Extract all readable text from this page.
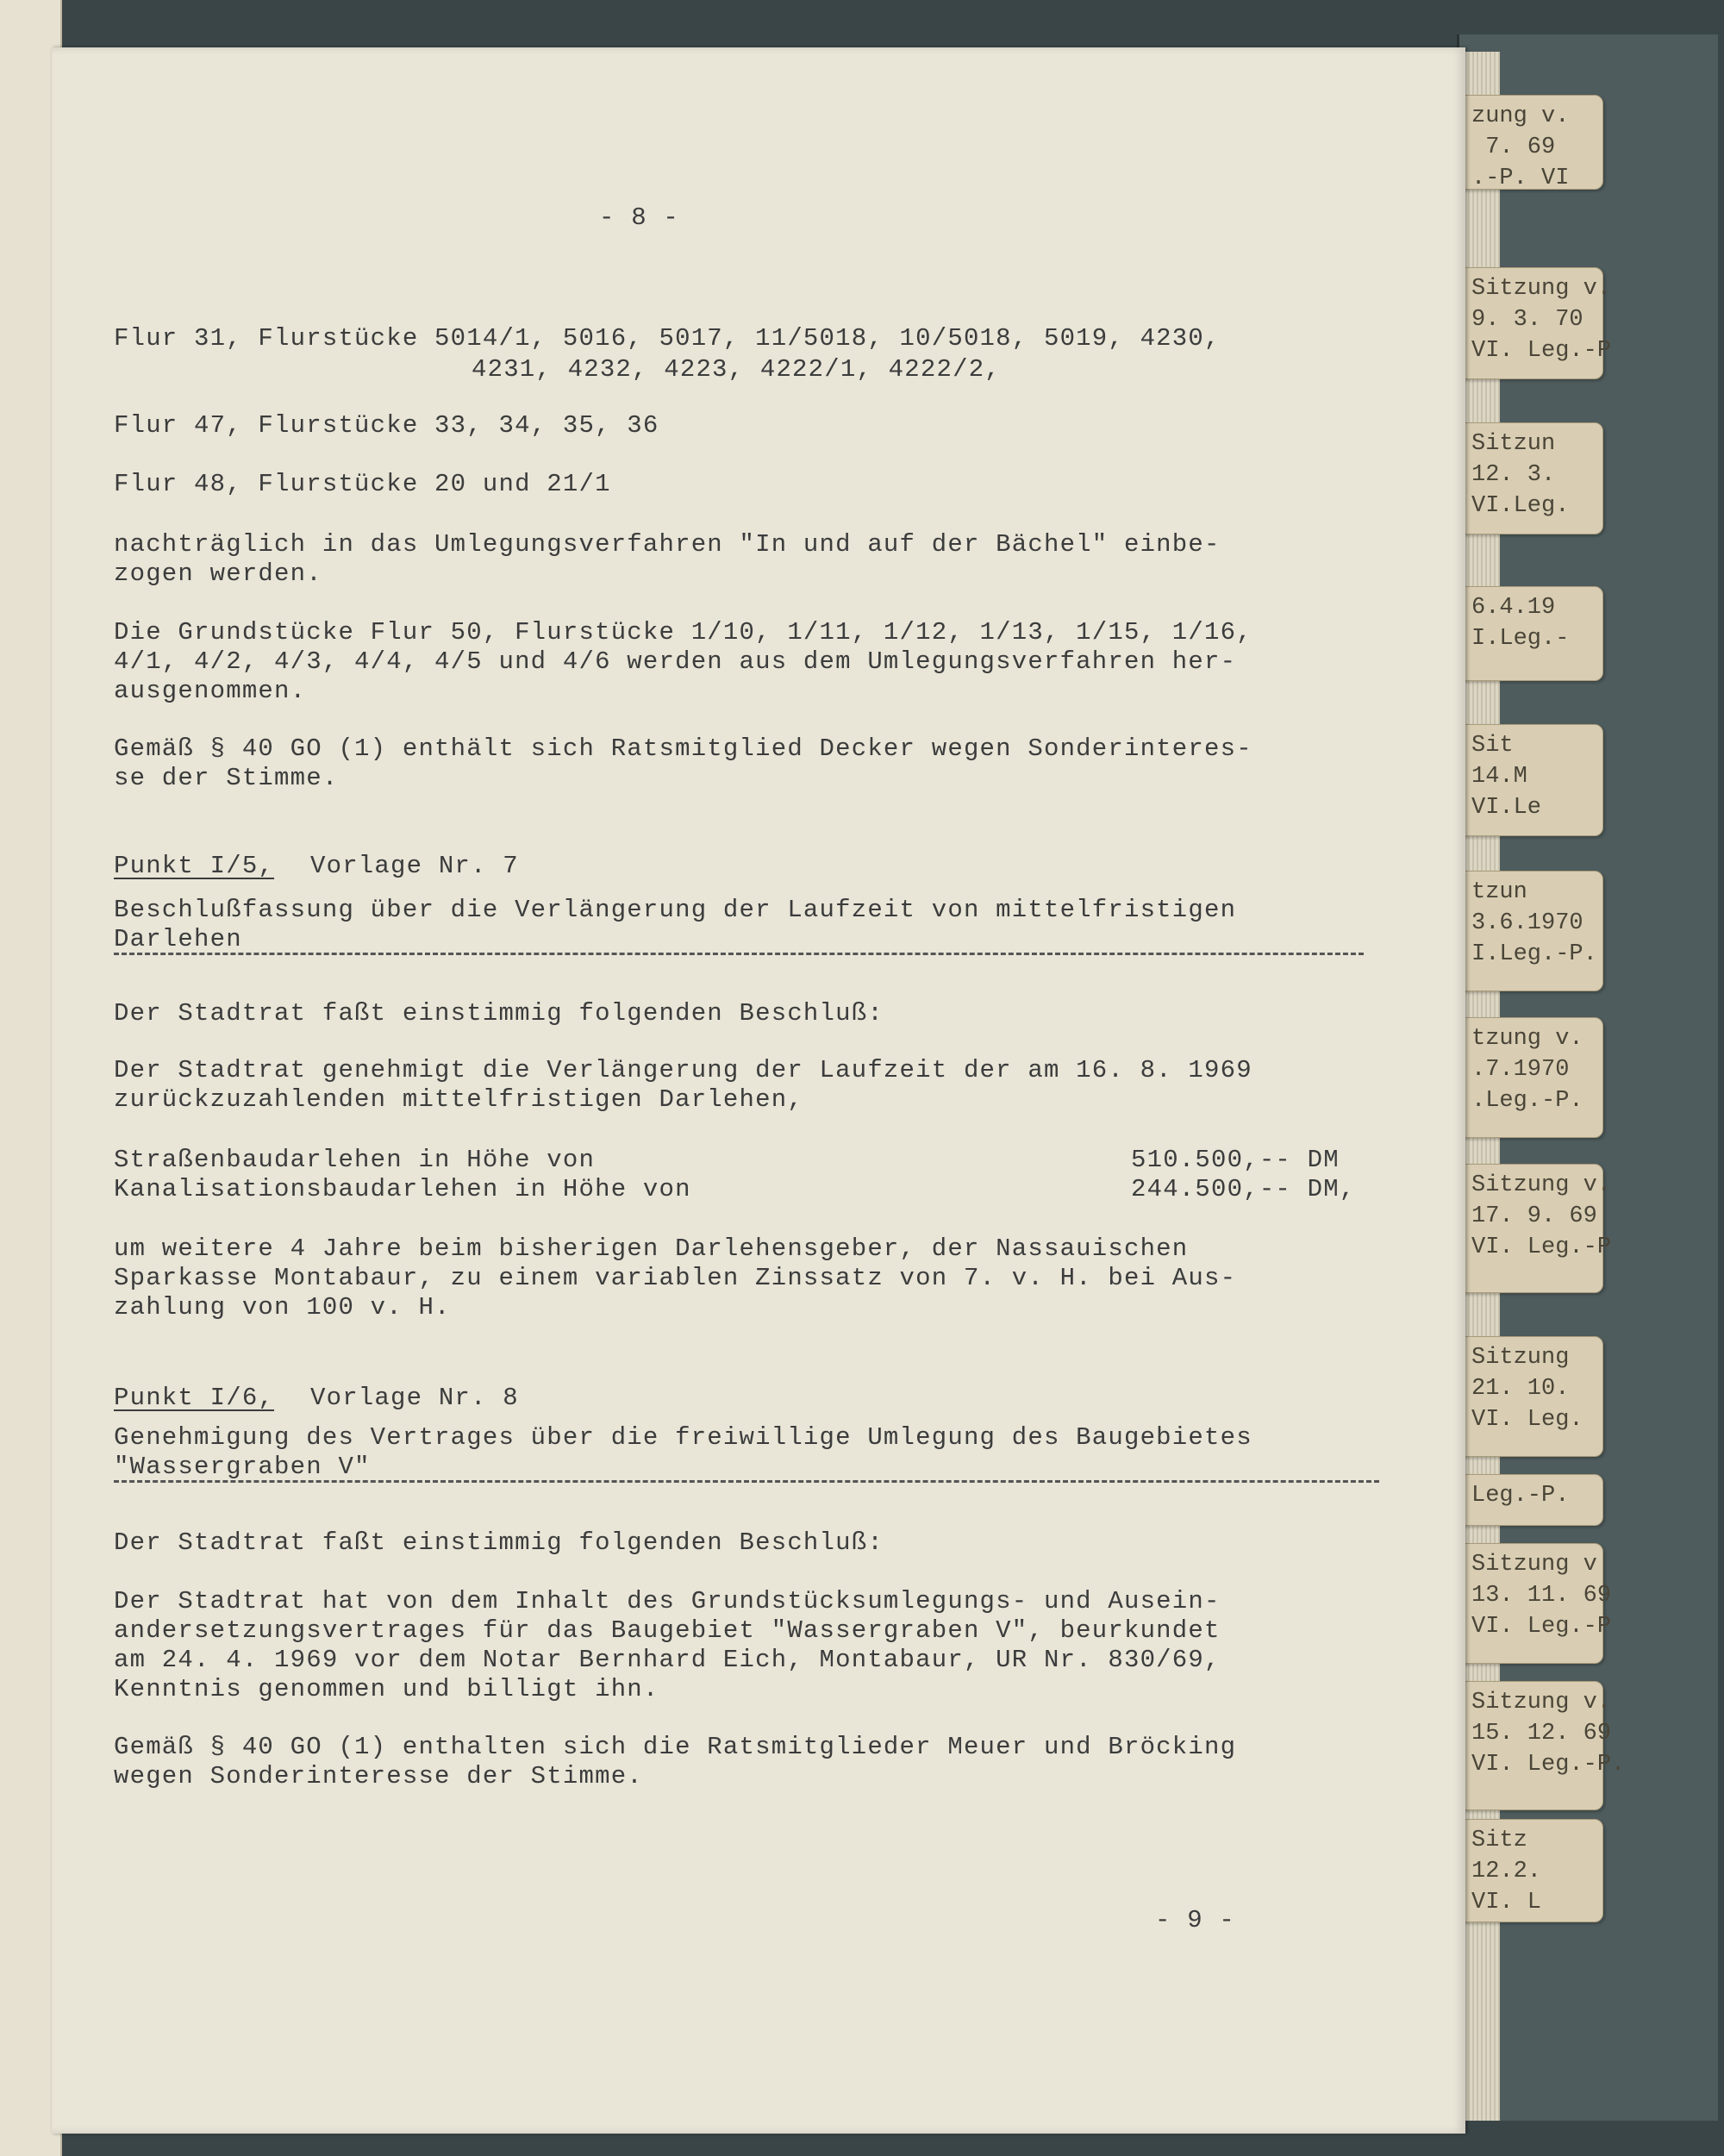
zung v.
7. 69
.-P. VI
Sitzung v.
9. 3. 70
VI. Leg.-P
Sitzun
12. 3.
VI.Leg.
6.4.19
I.Leg.-
Sit
14.M
VI.Le
tzun
3.6.1970
I.Leg.-P.
tzung v.
.7.1970
.Leg.-P.
Sitzung v.
17. 9. 69
VI. Leg.-P
Sitzung
21. 10.
VI. Leg.
Leg.-P.
Sitzung v
13. 11. 69
VI. Leg.-P
Sitzung v.
15. 12. 69
VI. Leg.-P.
Sitz
12.2.
VI. L
- 8 -
Flur 31, Flurstücke 5014/1, 5016, 5017, 11/5018, 10/5018, 5019, 4230,
4231, 4232, 4223, 4222/1, 4222/2,
Flur 47, Flurstücke 33, 34, 35, 36
Flur 48, Flurstücke 20 und 21/1
nachträglich in das Umlegungsverfahren "In und auf der Bächel" einbe-
zogen werden.
Die Grundstücke Flur 50, Flurstücke 1/10, 1/11, 1/12, 1/13, 1/15, 1/16,
4/1, 4/2, 4/3, 4/4, 4/5 und 4/6 werden aus dem Umlegungsverfahren her-
ausgenommen.
Gemäß § 40 GO (1) enthält sich Ratsmitglied Decker wegen Sonderinteres-
se der Stimme.
Punkt I/5, Vorlage Nr. 7
Beschlußfassung über die Verlängerung der Laufzeit von mittelfristigen
Darlehen
Der Stadtrat faßt einstimmig folgenden Beschluß:
Der Stadtrat genehmigt die Verlängerung der Laufzeit der am 16. 8. 1969
zurückzuzahlenden mittelfristigen Darlehen,
Straßenbaudarlehen in Höhe von	510.500,-- DM
Kanalisationsbaudarlehen in Höhe von	244.500,-- DM,
um weitere 4 Jahre beim bisherigen Darlehensgeber, der Nassauischen
Sparkasse Montabaur, zu einem variablen Zinssatz von 7. v. H. bei Aus-
zahlung von 100 v. H.
Punkt I/6, Vorlage Nr. 8
Genehmigung des Vertrages über die freiwillige Umlegung des Baugebietes
"Wassergraben V"
Der Stadtrat faßt einstimmig folgenden Beschluß:
Der Stadtrat hat von dem Inhalt des Grundstücksumlegungs- und Ausein-
andersetzungsvertrages für das Baugebiet "Wassergraben V", beurkundet
am 24. 4. 1969 vor dem Notar Bernhard Eich, Montabaur, UR Nr. 830/69,
Kenntnis genommen und billigt ihn.
Gemäß § 40 GO (1) enthalten sich die Ratsmitglieder Meuer und Bröcking
wegen Sonderinteresse der Stimme.
- 9 -
